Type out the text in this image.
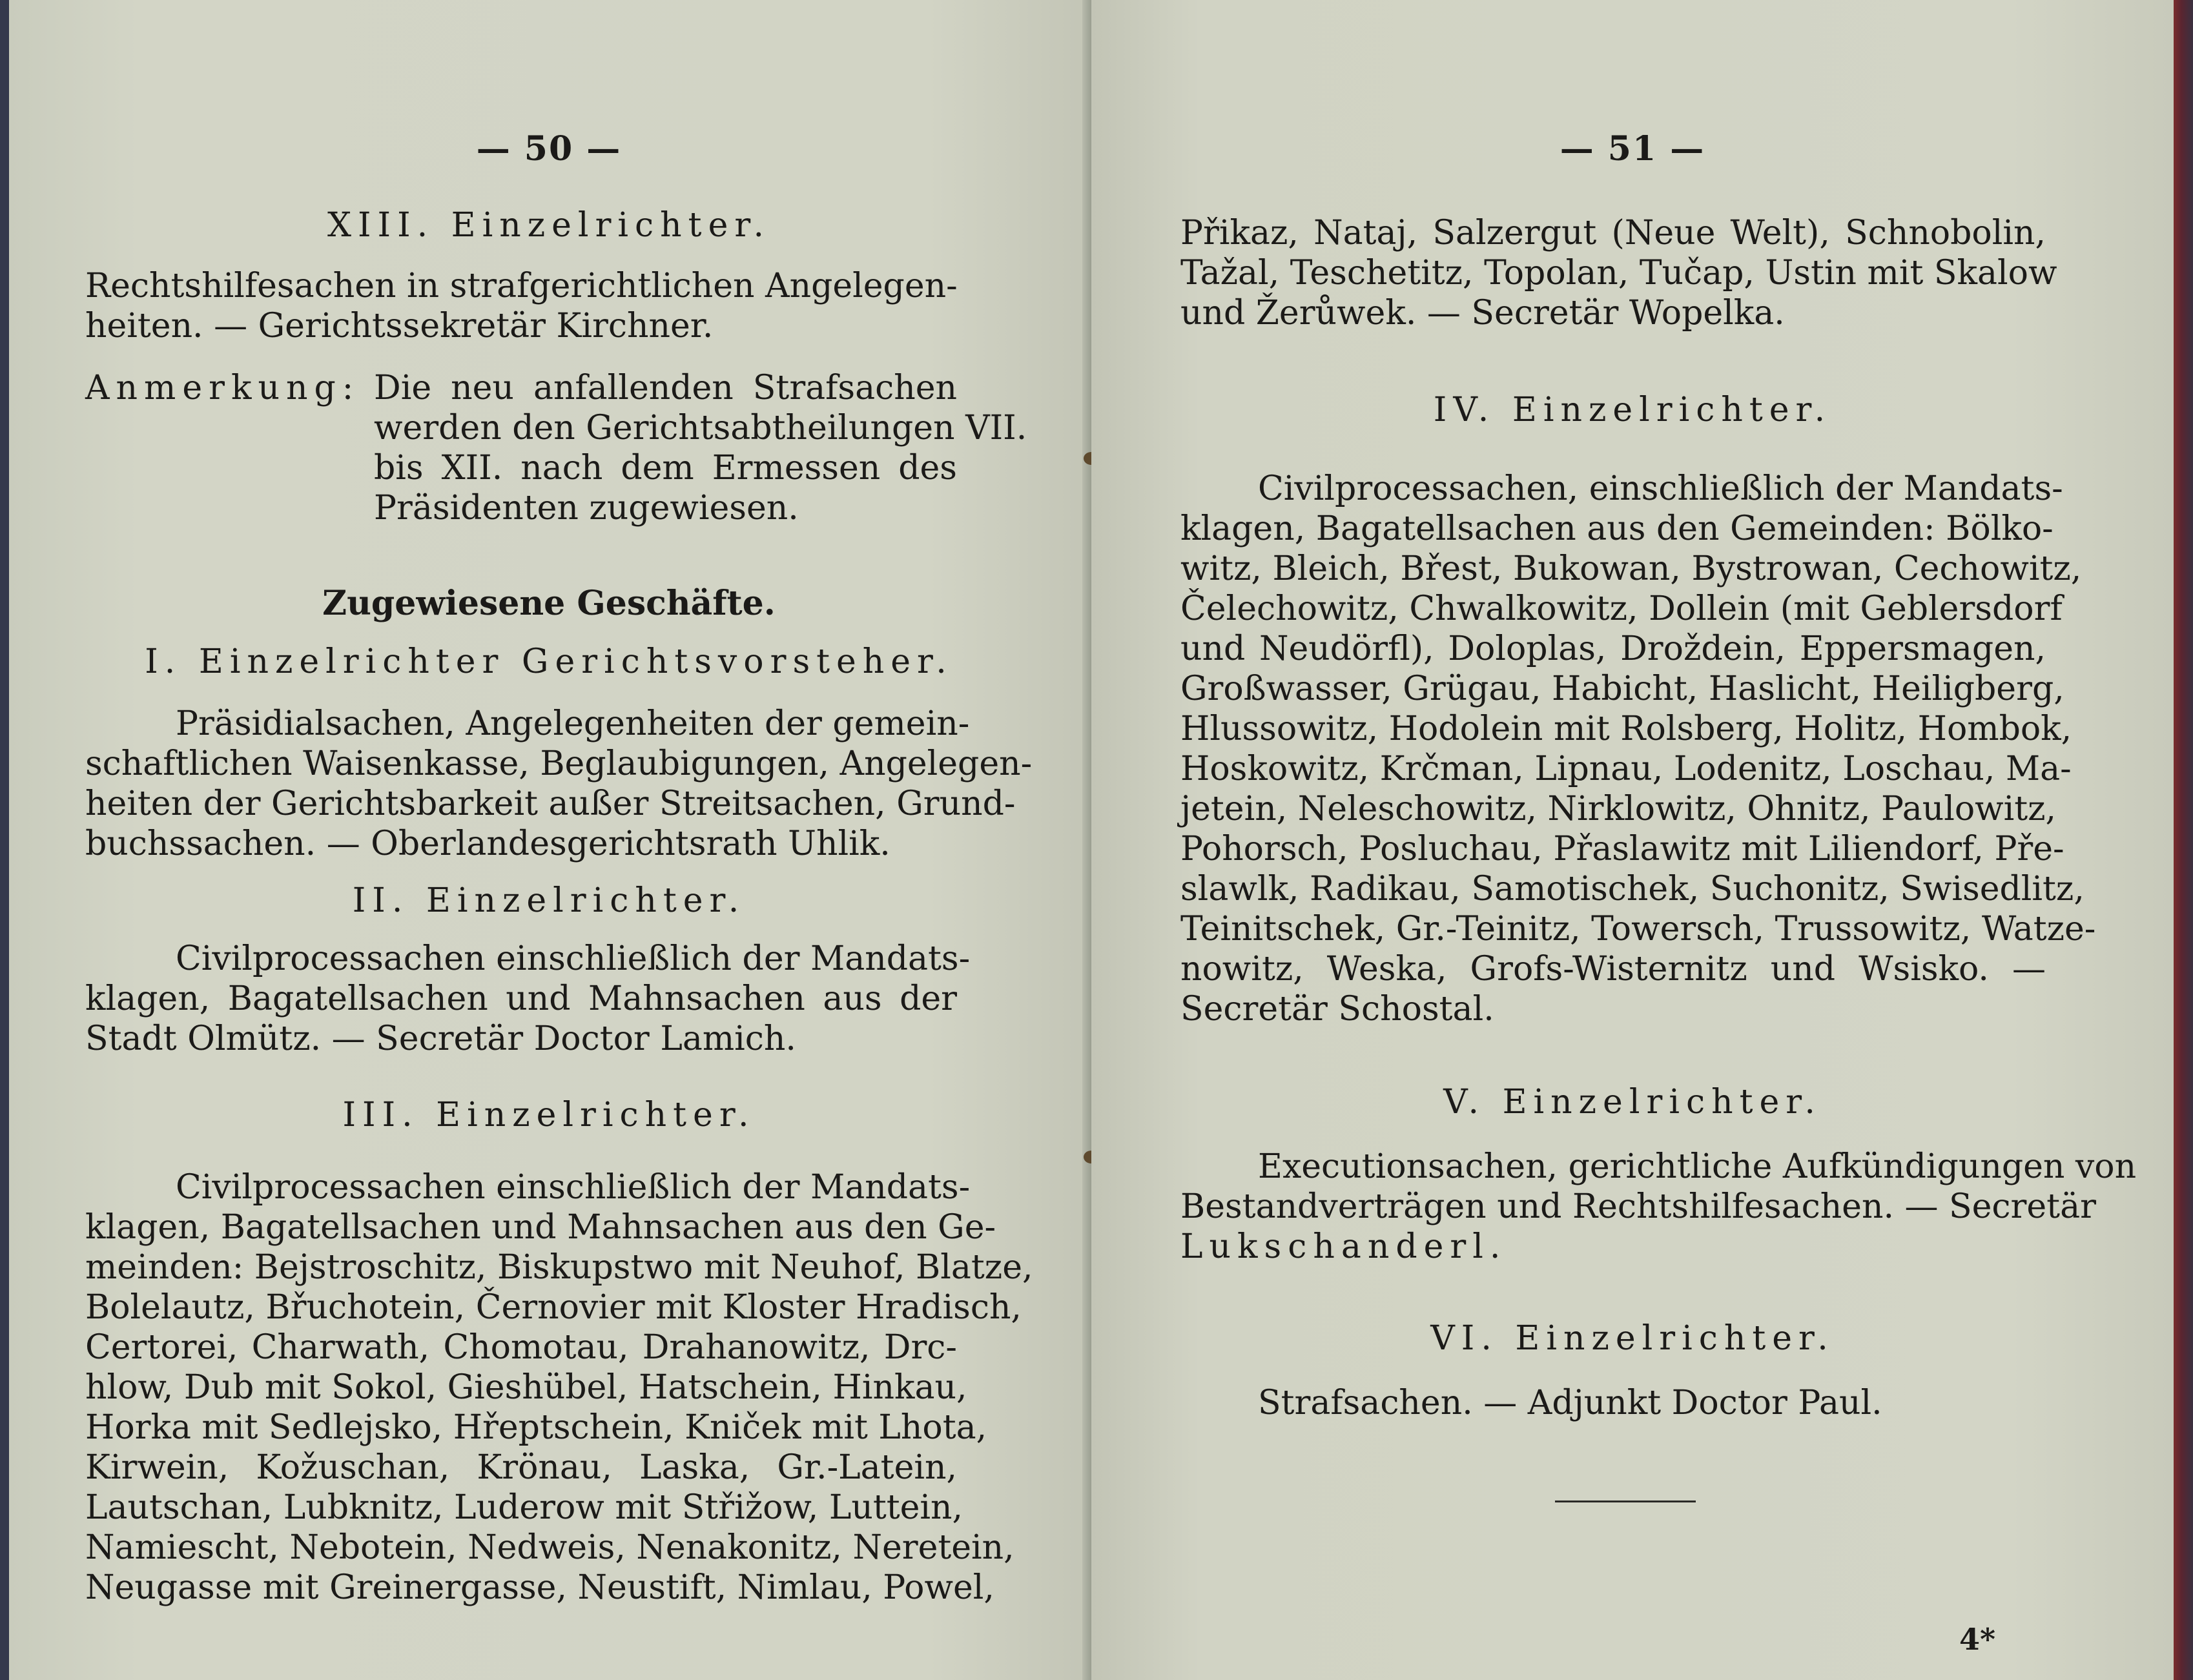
— 50 —
XIII. Einzelrichter.
Rechtshilfesachen in strafgerichtlichen Angelegen-
heiten. — Gerichtssekretär Kirchner.
Anmerkung: Die neu anfallenden Strafsachen
werden den Gerichtsabtheilungen VII.
bis XII. nach dem Ermessen des
Präsidenten zugewiesen.
Zugewiesene Geschäfte.
I. Einzelrichter Gerichtsvorsteher.
Präsidialsachen, Angelegenheiten der gemein-
schaftlichen Waisenkasse, Beglaubigungen, Angelegen-
heiten der Gerichtsbarkeit außer Streitsachen, Grund-
buchssachen. — Oberlandesgerichtsrath Uhlik.
II. Einzelrichter.
Civilprocessachen einschließlich der Mandats-
klagen, Bagatellsachen und Mahnsachen aus der
Stadt Olmütz. — Secretär Doctor Lamich.
III. Einzelrichter.
Civilprocessachen einschließlich der Mandats-
klagen, Bagatellsachen und Mahnsachen aus den Ge-
meinden: Bejstroschitz, Biskupstwo mit Neuhof, Blatze,
Bolelautz, Břuchotein, Černovier mit Kloster Hradisch,
Certorei, Charwath, Chomotau, Drahanowitz, Drc-
hlow, Dub mit Sokol, Gieshübel, Hatschein, Hinkau,
Horka mit Sedlejsko, Hřeptschein, Kniček mit Lhota,
Kirwein, Kožuschan, Krönau, Laska, Gr.-Latein,
Lautschan, Lubknitz, Luderow mit Střižow, Luttein,
Namiescht, Nebotein, Nedweis, Nenakonitz, Neretein,
Neugasse mit Greinergasse, Neustift, Nimlau, Powel,
— 51 —
Přikaz, Nataj, Salzergut (Neue Welt), Schnobolin,
Tažal, Teschetitz, Topolan, Tučap, Ustin mit Skalow
und Žerůwek. — Secretär Wopelka.
IV. Einzelrichter.
Civilprocessachen, einschließlich der Mandats-
klagen, Bagatellsachen aus den Gemeinden: Bölko-
witz, Bleich, Břest, Bukowan, Bystrowan, Cechowitz,
Čelechowitz, Chwalkowitz, Dollein (mit Geblersdorf
und Neudörfl), Doloplas, Droždein, Eppersmagen,
Großwasser, Grügau, Habicht, Haslicht, Heiligberg,
Hlussowitz, Hodolein mit Rolsberg, Holitz, Hombok,
Hoskowitz, Krčman, Lipnau, Lodenitz, Loschau, Ma-
jetein, Neleschowitz, Nirklowitz, Ohnitz, Paulowitz,
Pohorsch, Posluchau, Přaslawitz mit Liliendorf, Pře-
slawlk, Radikau, Samotischek, Suchonitz, Swisedlitz,
Teinitschek, Gr.-Teinitz, Towersch, Trussowitz, Watze-
nowitz, Weska, Grofs-Wisternitz und Wsisko. —
Secretär Schostal.
V. Einzelrichter.
Executionsachen, gerichtliche Aufkündigungen von
Bestandverträgen und Rechtshilfesachen. — Secretär
Lukschanderl.
VI. Einzelrichter.
Strafsachen. — Adjunkt Doctor Paul.
4*
